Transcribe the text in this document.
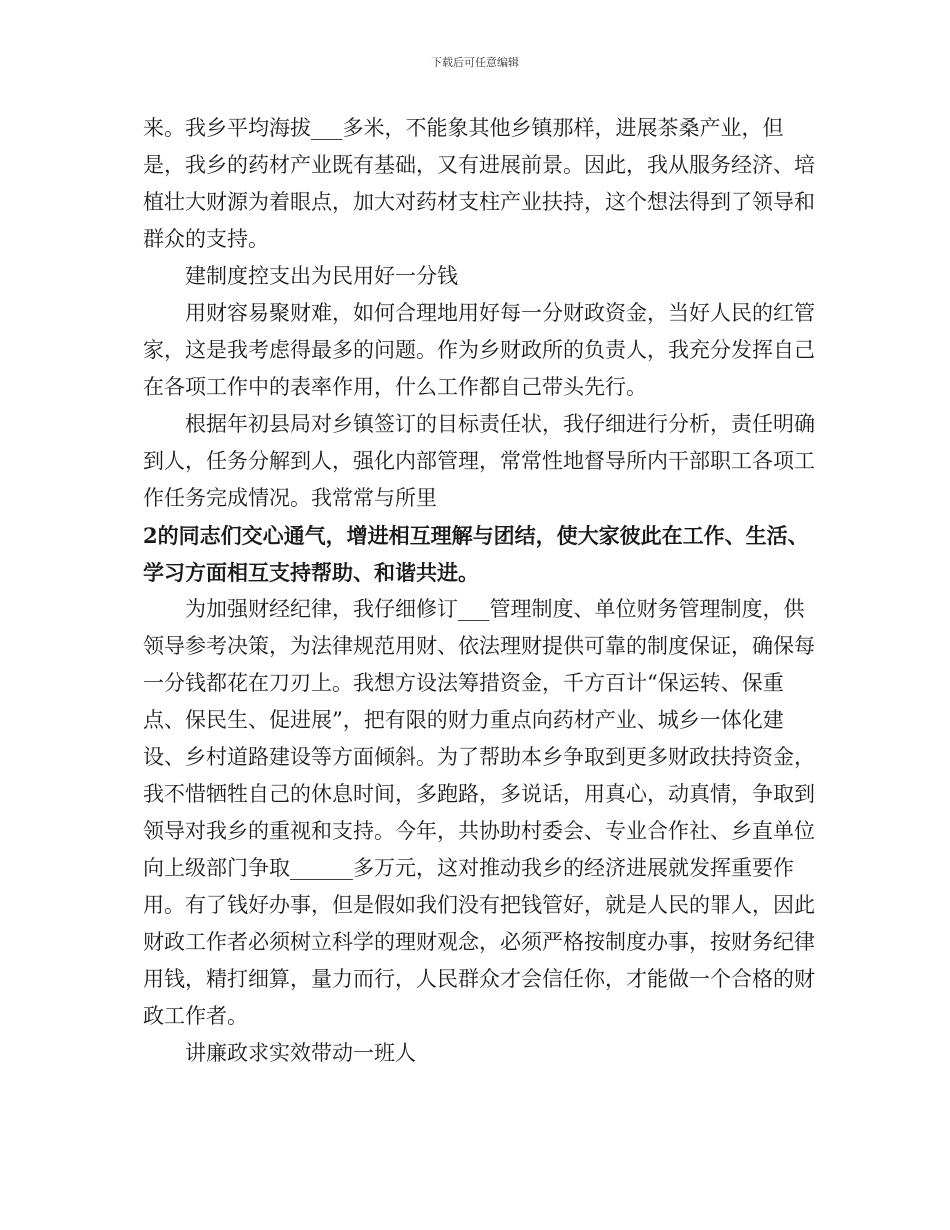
下载后可任意编辑

来。我乡平均海拔___多米，不能象其他乡镇那样，进展茶桑产业，但是，我乡的药材产业既有基础，又有进展前景。因此，我从服务经济、培植壮大财源为着眼点，加大对药材支柱产业扶持，这个想法得到了领导和群众的支持。

建制度控支出为民用好一分钱

用财容易聚财难，如何合理地用好每一分财政资金，当好人民的红管家，这是我考虑得最多的问题。作为乡财政所的负责人，我充分发挥自己在各项工作中的表率作用，什么工作都自己带头先行。

根据年初县局对乡镇签订的目标责任状，我仔细进行分析，责任明确到人，任务分解到人，强化内部管理，常常性地督导所内干部职工各项工作任务完成情况。我常常与所里

2的同志们交心通气，增进相互理解与团结，使大家彼此在工作、生活、学习方面相互支持帮助、和谐共进。

为加强财经纪律，我仔细修订___管理制度、单位财务管理制度，供领导参考决策，为法律规范用财、依法理财提供可靠的制度保证，确保每一分钱都花在刀刃上。我想方设法筹措资金，千方百计“保运转、保重点、保民生、促进展”，把有限的财力重点向药材产业、城乡一体化建设、乡村道路建设等方面倾斜。为了帮助本乡争取到更多财政扶持资金，我不惜牺牲自己的休息时间，多跑路，多说话，用真心，动真情，争取到领导对我乡的重视和支持。今年，共协助村委会、专业合作社、乡直单位向上级部门争取______多万元，这对推动我乡的经济进展就发挥重要作用。有了钱好办事，但是假如我们没有把钱管好，就是人民的罪人，因此财政工作者必须树立科学的理财观念，必须严格按制度办事，按财务纪律用钱，精打细算，量力而行，人民群众才会信任你，才能做一个合格的财政工作者。

讲廉政求实效带动一班人
